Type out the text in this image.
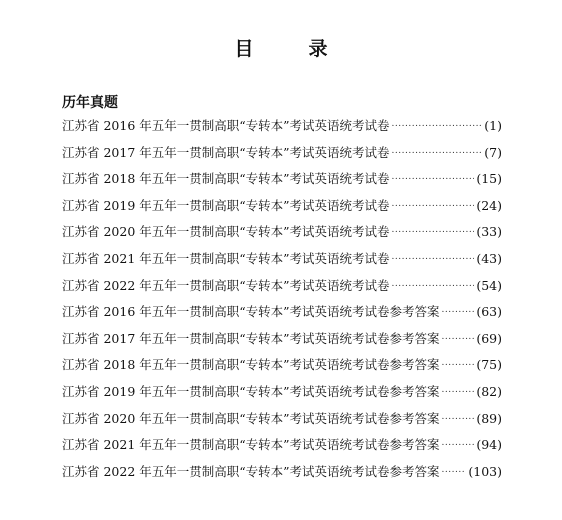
目　录
历年真题
江苏省 2016 年五年一贯制高职“专转本”考试英语统考试卷 .....	(1)
江苏省 2017 年五年一贯制高职“专转本”考试英语统考试卷 .....	(7)
江苏省 2018 年五年一贯制高职“专转本”考试英语统考试卷 .....	(15)
江苏省 2019 年五年一贯制高职“专转本”考试英语统考试卷 .....	(24)
江苏省 2020 年五年一贯制高职“专转本”考试英语统考试卷 .....	(33)
江苏省 2021 年五年一贯制高职“专转本”考试英语统考试卷 .....	(43)
江苏省 2022 年五年一贯制高职“专转本”考试英语统考试卷 .....	(54)
江苏省 2016 年五年一贯制高职“专转本”考试英语统考试卷参考答案 .....	(63)
江苏省 2017 年五年一贯制高职“专转本”考试英语统考试卷参考答案 .....	(69)
江苏省 2018 年五年一贯制高职“专转本”考试英语统考试卷参考答案 .....	(75)
江苏省 2019 年五年一贯制高职“专转本”考试英语统考试卷参考答案 .....	(82)
江苏省 2020 年五年一贯制高职“专转本”考试英语统考试卷参考答案 .....	(89)
江苏省 2021 年五年一贯制高职“专转本”考试英语统考试卷参考答案 .....	(94)
江苏省 2022 年五年一贯制高职“专转本”考试英语统考试卷参考答案 ..... (103)
